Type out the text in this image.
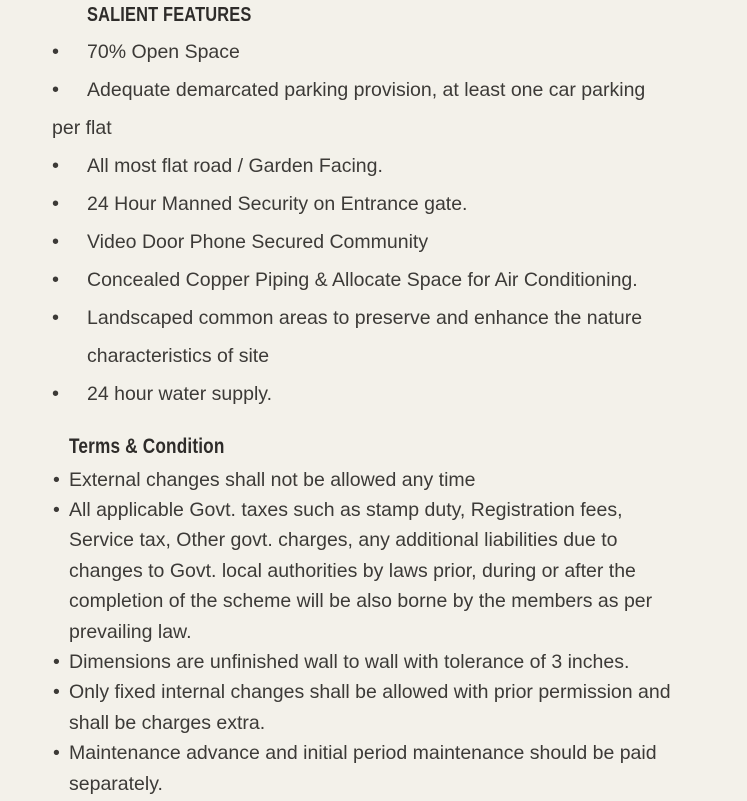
SALIENT FEATURES
• 70% Open Space
• Adequate demarcated parking provision, at least one car parking
per flat
• All most flat road / Garden Facing.
• 24 Hour Manned Security on Entrance gate.
• Video Door Phone Secured Community
• Concealed Copper Piping & Allocate Space for Air Conditioning.
• Landscaped common areas to preserve and enhance the nature
characteristics of site
• 24 hour water supply.
Terms & Condition
• External changes shall not be allowed any time
• All applicable Govt. taxes such as stamp duty, Registration fees,
Service tax, Other govt. charges, any additional liabilities due to
changes to Govt. local authorities by laws prior, during or after the
completion of the scheme will be also borne by the members as per
prevailing law.
• Dimensions are unfinished wall to wall with tolerance of 3 inches.
• Only fixed internal changes shall be allowed with prior permission and
shall be charges extra.
• Maintenance advance and initial period maintenance should be paid
separately.
